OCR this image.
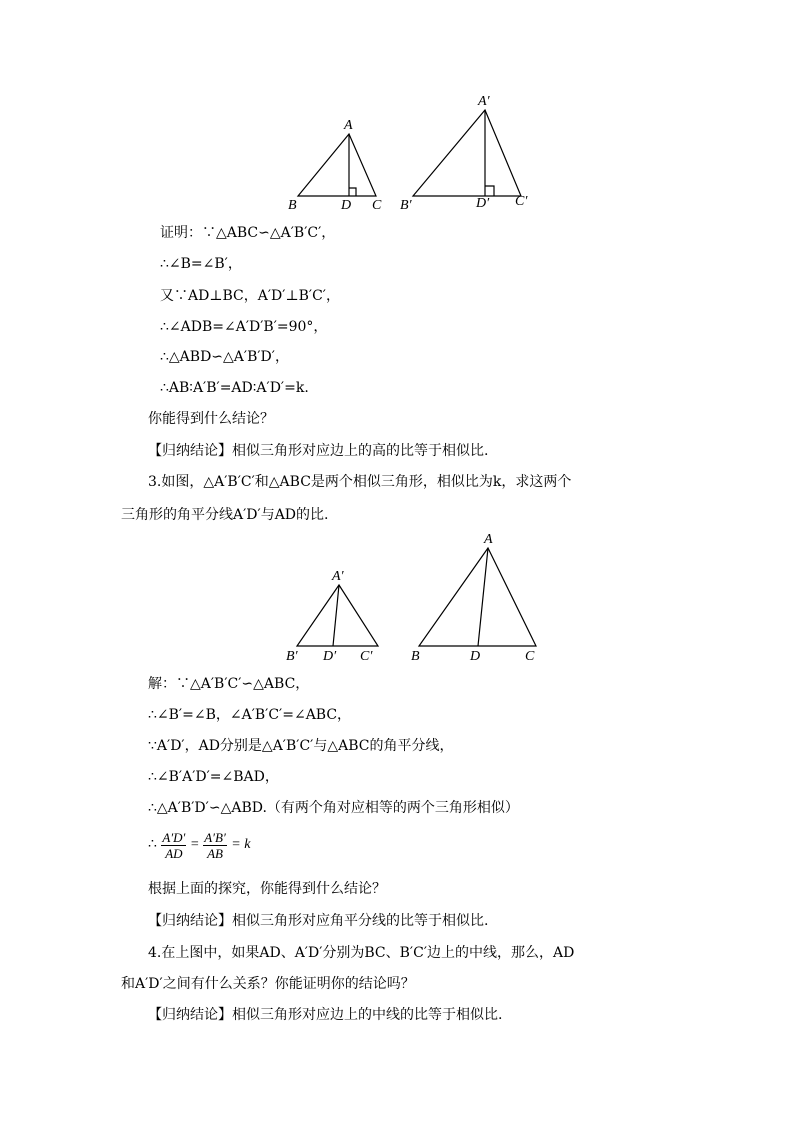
A
B	D C
A′
B′	D′ C′
证明：∵△ABC∽△A′B′C′，
∴∠B=∠B′，
又∵AD⊥BC，A′D′⊥B′C′，
∴∠ADB=∠A′D′B′=90°，
∴△ABD∽△A′B′D′，
∴AB∶A′B′=AD∶A′D′=k.
你能得到什么结论？
【归纳结论】相似三角形对应边上的高的比等于相似比.
3.如图，△A′B′C′和△ABC是两个相似三角形，相似比为k，求这两个
三角形的角平分线A′D′与AD的比.
A′
B′ D′ C′
A
B	D	C
解：∵△A′B′C′∽△ABC，
∴∠B′=∠B，∠A′B′C′=∠ABC，
∵A′D′，AD分别是△A′B′C′与△ABC的角平分线，
∴∠B′A′D′=∠BAD，
∴△A′B′D′∽△ABD.（有两个角对应相等的两个三角形相似）
∴ $\frac{A'D'}{AD} = \frac{A'B'}{AB} = k$
根据上面的探究，你能得到什么结论？
【归纳结论】相似三角形对应角平分线的比等于相似比.
4.在上图中，如果AD、A′D′分别为BC、B′C′边上的中线，那么，AD
和A′D′之间有什么关系？你能证明你的结论吗？
【归纳结论】相似三角形对应边上的中线的比等于相似比.
